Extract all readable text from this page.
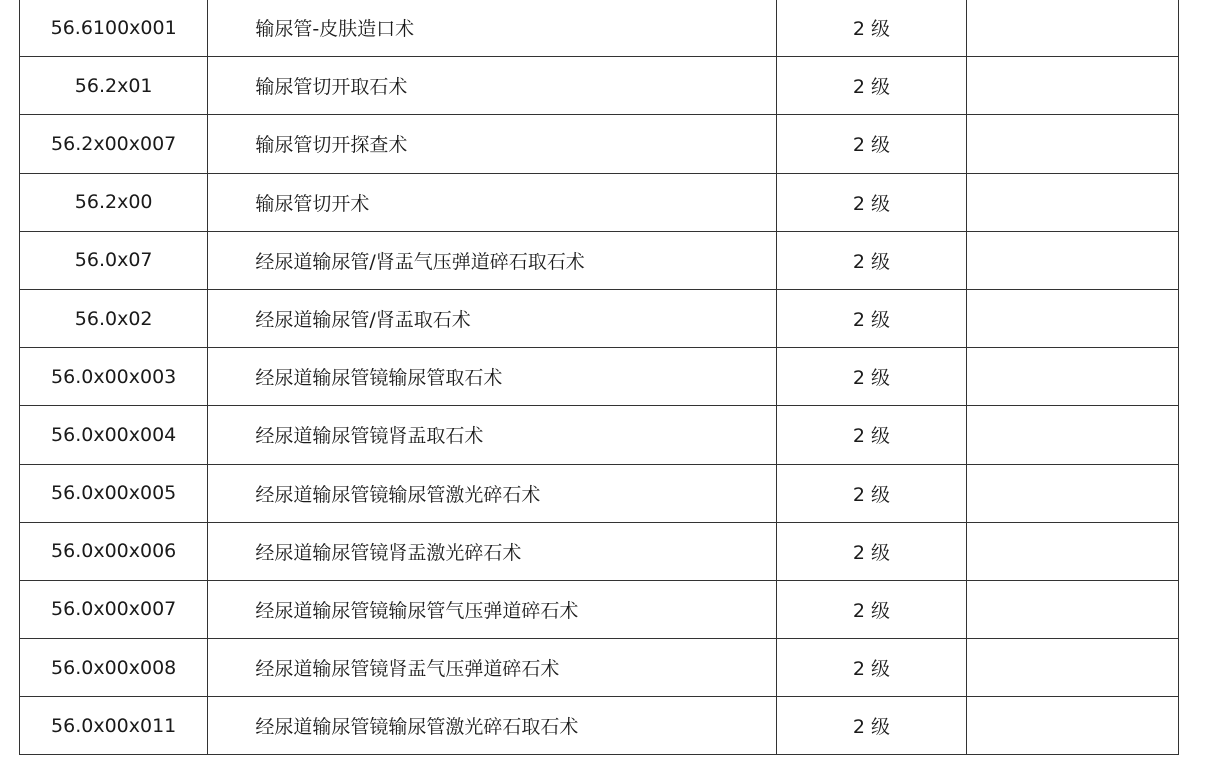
56.6100x001	输尿管-皮肤造口术	2 级	
56.2x01	输尿管切开取石术	2 级	
56.2x00x007	输尿管切开探查术	2 级	
56.2x00	输尿管切开术	2 级	
56.0x07	经尿道输尿管/肾盂气压弹道碎石取石术	2 级	
56.0x02	经尿道输尿管/肾盂取石术	2 级	
56.0x00x003	经尿道输尿管镜输尿管取石术	2 级	
56.0x00x004	经尿道输尿管镜肾盂取石术	2 级	
56.0x00x005	经尿道输尿管镜输尿管激光碎石术	2 级	
56.0x00x006	经尿道输尿管镜肾盂激光碎石术	2 级	
56.0x00x007	经尿道输尿管镜输尿管气压弹道碎石术	2 级	
56.0x00x008	经尿道输尿管镜肾盂气压弹道碎石术	2 级	
56.0x00x011	经尿道输尿管镜输尿管激光碎石取石术	2 级	
